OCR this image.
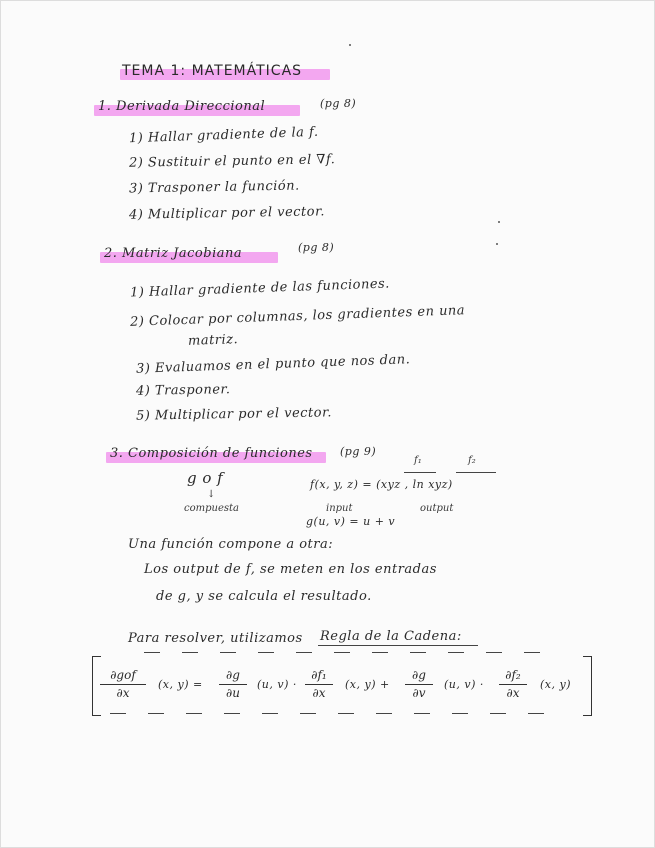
TEMA 1: MATEMÁTICAS
1. Derivada Direccional	(pg 8)
1) Hallar gradiente de la f.
2) Sustituir el punto en el ∇f.
3) Trasponer la función.
4) Multiplicar por el vector.
2. Matriz Jacobiana	(pg 8)
1) Hallar gradiente de las funciones.
2) Colocar por columnas, los gradientes en una
matriz.
3) Evaluamos en el punto que nos dan.
4) Trasponer.
5) Multiplicar por el vector.
3. Composición de funciones (pg 9)
g o f
↓
compuesta
f₁	f₂
f(x, y, z) = (xyz , ln xyz)
input	output
g(u, v) = u + v
Una función compone a otra:
Los output de f, se meten en los entradas
de g, y se calcula el resultado.
Para resolver, utilizamos Regla de la Cadena:
∂gof
∂x
(x, y) =
∂g
∂u
(u, v) ·
∂f₁
∂x
(x, y) +
∂g
∂v
(u, v) ·
∂f₂
∂x
(x, y)
